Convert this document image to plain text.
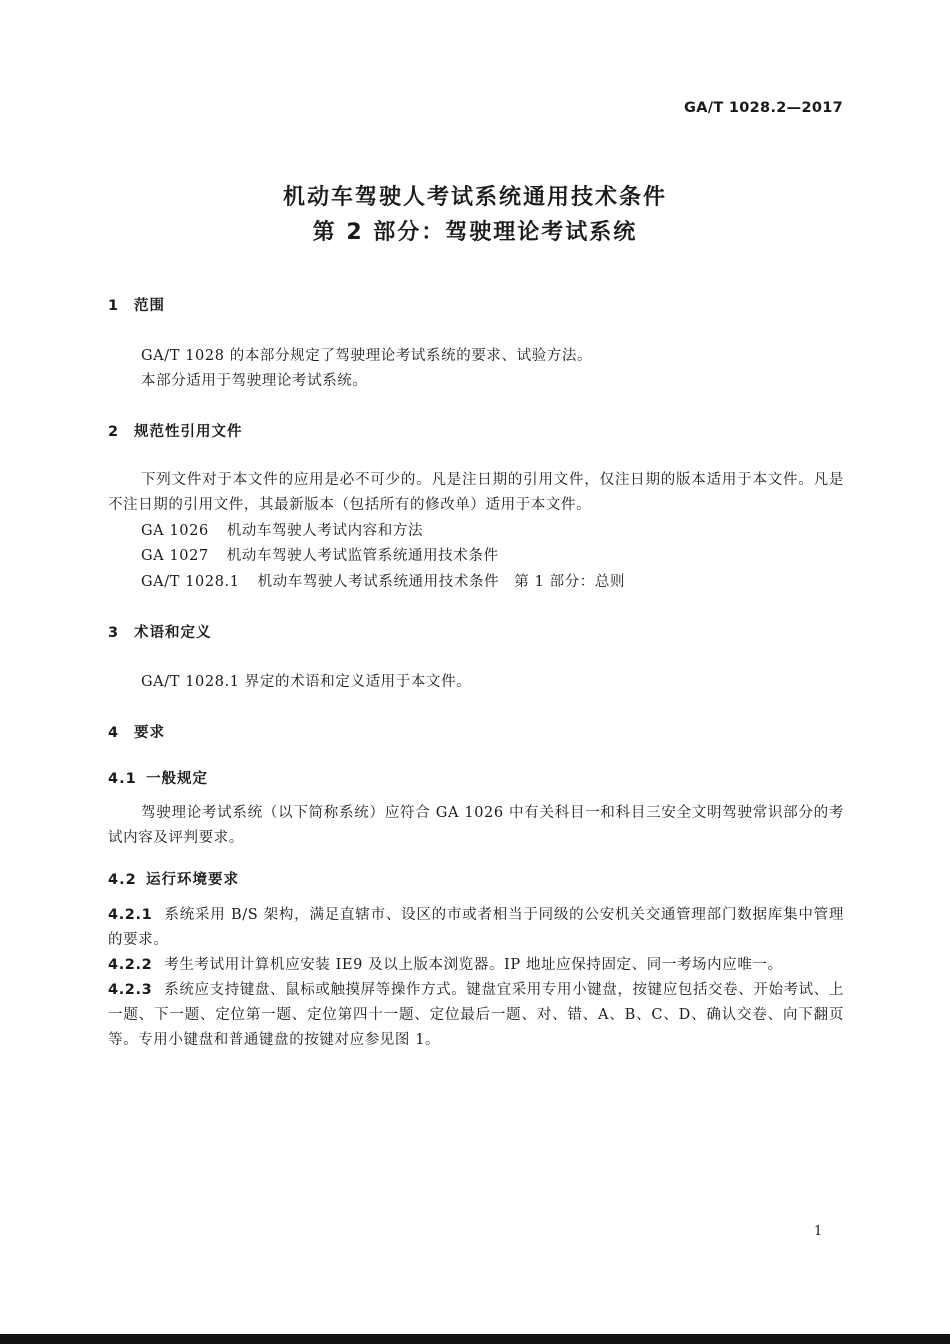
GA/T 1028.2—2017
机动车驾驶人考试系统通用技术条件
第 2 部分：驾驶理论考试系统
1 范围
GA/T 1028 的本部分规定了驾驶理论考试系统的要求、试验方法。
本部分适用于驾驶理论考试系统。
2 规范性引用文件
下列文件对于本文件的应用是必不可少的。凡是注日期的引用文件，仅注日期的版本适用于本文件。凡是不注日期的引用文件，其最新版本（包括所有的修改单）适用于本文件。
GA 1026 机动车驾驶人考试内容和方法
GA 1027 机动车驾驶人考试监管系统通用技术条件
GA/T 1028.1 机动车驾驶人考试系统通用技术条件　第 1 部分：总则
3 术语和定义
GA/T 1028.1 界定的术语和定义适用于本文件。
4 要求
4.1 一般规定
驾驶理论考试系统（以下简称系统）应符合 GA 1026 中有关科目一和科目三安全文明驾驶常识部分的考试内容及评判要求。
4.2 运行环境要求
4.2.1 系统采用 B/S 架构，满足直辖市、设区的市或者相当于同级的公安机关交通管理部门数据库集中管理的要求。
4.2.2 考生考试用计算机应安装 IE9 及以上版本浏览器。IP 地址应保持固定、同一考场内应唯一。
4.2.3 系统应支持键盘、鼠标或触摸屏等操作方式。键盘宜采用专用小键盘，按键应包括交卷、开始考试、上一题、下一题、定位第一题、定位第四十一题、定位最后一题、对、错、A、B、C、D、确认交卷、向下翻页等。专用小键盘和普通键盘的按键对应参见图 1。
1
